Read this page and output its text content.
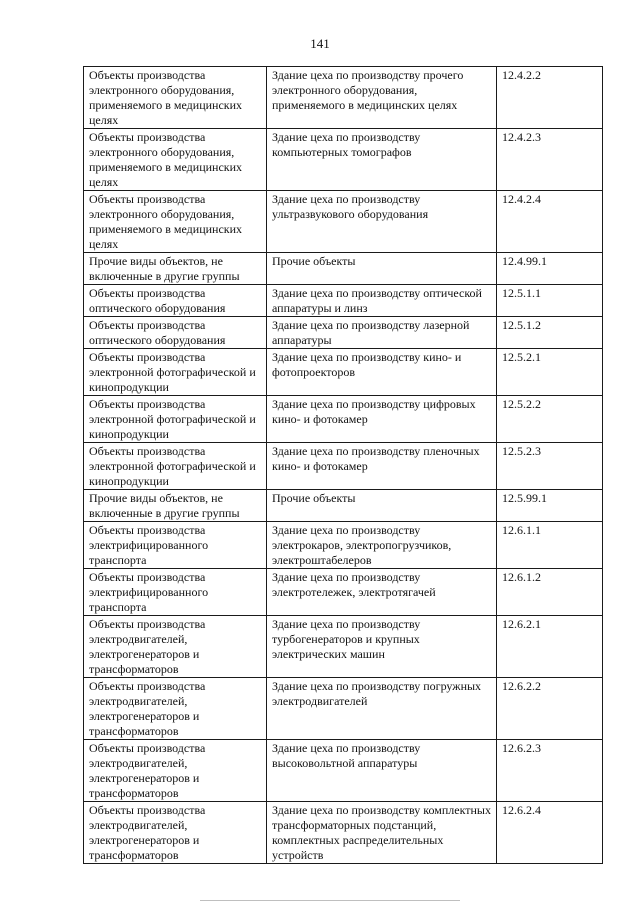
141
Объекты производства электронного оборудования, применяемого в медицинских целях	Здание цеха по производству прочего электронного оборудования, применяемого в медицинских целях	12.4.2.2
Объекты производства электронного оборудования, применяемого в медицинских целях	Здание цеха по производству компьютерных томографов	12.4.2.3
Объекты производства электронного оборудования, применяемого в медицинских целях	Здание цеха по производству ультразвукового оборудования	12.4.2.4
Прочие виды объектов, не включенные в другие группы	Прочие объекты	12.4.99.1
Объекты производства оптического оборудования	Здание цеха по производству оптической аппаратуры и линз	12.5.1.1
Объекты производства оптического оборудования	Здание цеха по производству лазерной аппаратуры	12.5.1.2
Объекты производства электронной фотографической и кинопродукции	Здание цеха по производству кино- и фотопроекторов	12.5.2.1
Объекты производства электронной фотографической и кинопродукции	Здание цеха по производству цифровых кино- и фотокамер	12.5.2.2
Объекты производства электронной фотографической и кинопродукции	Здание цеха по производству пленочных кино- и фотокамер	12.5.2.3
Прочие виды объектов, не включенные в другие группы	Прочие объекты	12.5.99.1
Объекты производства электрифицированного транспорта	Здание цеха по производству электрокаров, электропогрузчиков, электроштабелеров	12.6.1.1
Объекты производства электрифицированного транспорта	Здание цеха по производству электротележек, электротягачей	12.6.1.2
Объекты производства электродвигателей, электрогенераторов и трансформаторов	Здание цеха по производству турбогенераторов и крупных электрических машин	12.6.2.1
Объекты производства электродвигателей, электрогенераторов и трансформаторов	Здание цеха по производству погружных электродвигателей	12.6.2.2
Объекты производства электродвигателей, электрогенераторов и трансформаторов	Здание цеха по производству высоковольтной аппаратуры	12.6.2.3
Объекты производства электродвигателей, электрогенераторов и трансформаторов	Здание цеха по производству комплектных трансформаторных подстанций, комплектных распределительных устройств	12.6.2.4
